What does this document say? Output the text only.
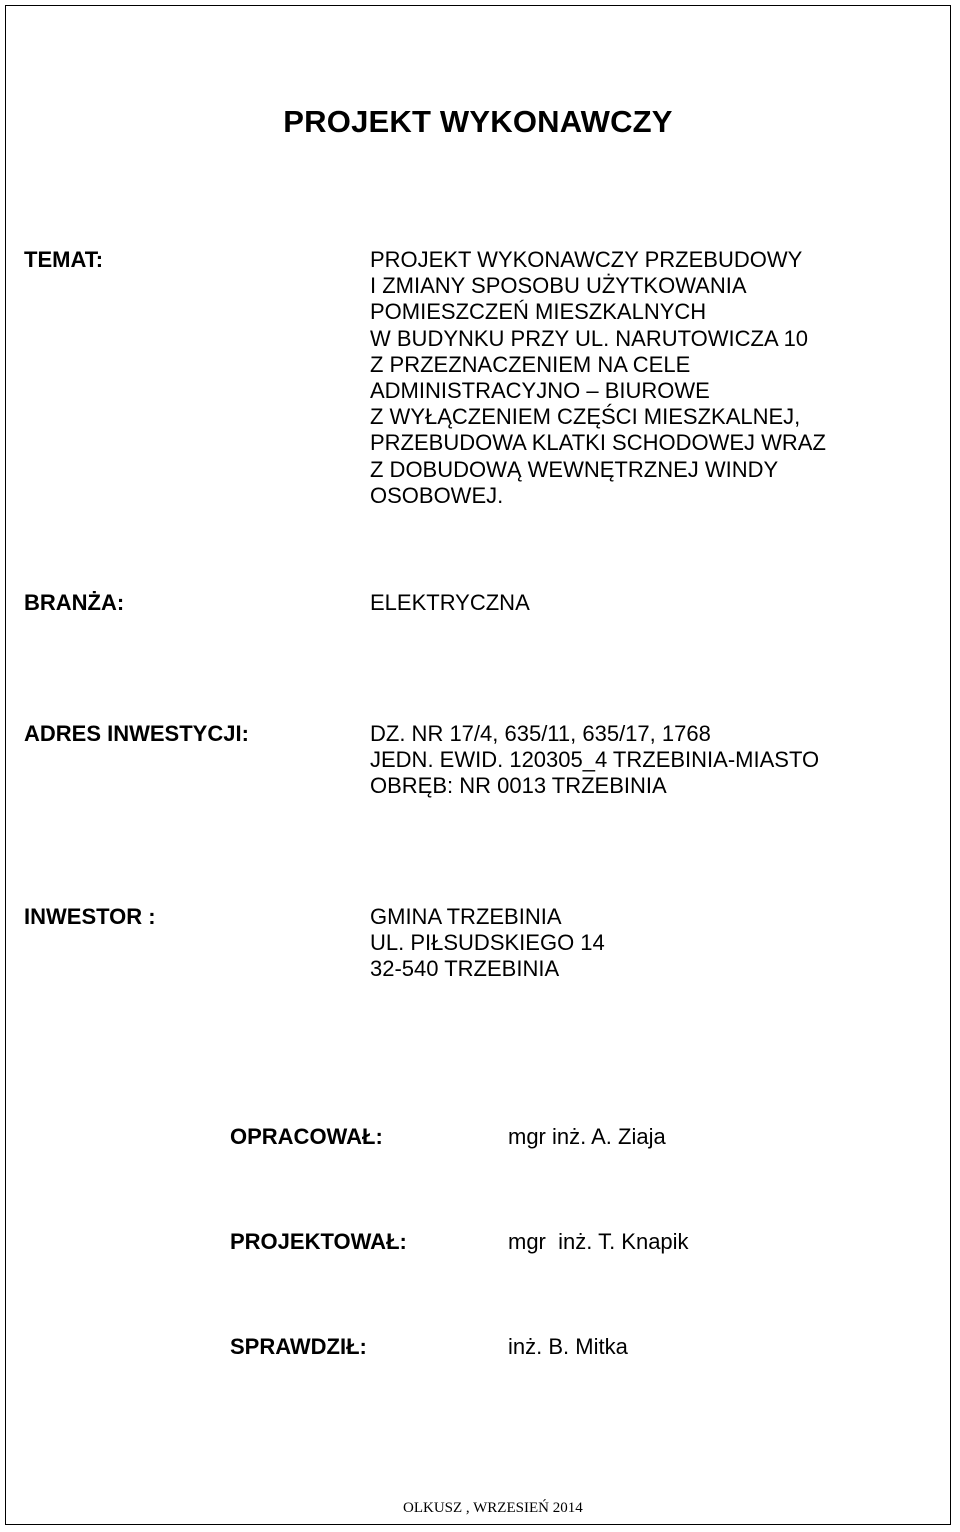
PROJEKT WYKONAWCZY
TEMAT:	PROJEKT WYKONAWCZY PRZEBUDOWY
I ZMIANY SPOSOBU UŻYTKOWANIA
POMIESZCZEŃ MIESZKALNYCH
W BUDYNKU PRZY UL. NARUTOWICZA 10
Z PRZEZNACZENIEM NA CELE
ADMINISTRACYJNO – BIUROWE
Z WYŁĄCZENIEM CZĘŚCI MIESZKALNEJ,
PRZEBUDOWA KLATKI SCHODOWEJ WRAZ
Z DOBUDOWĄ WEWNĘTRZNEJ WINDY
OSOBOWEJ.
BRANŻA:	ELEKTRYCZNA
ADRES INWESTYCJI:	DZ. NR 17/4, 635/11, 635/17, 1768
JEDN. EWID. 120305_4 TRZEBINIA-MIASTO
OBRĘB: NR 0013 TRZEBINIA
INWESTOR :	GMINA TRZEBINIA
UL. PIŁSUDSKIEGO 14
32-540 TRZEBINIA
OPRACOWAŁ:	mgr inż. A. Ziaja
PROJEKTOWAŁ:	mgr  inż. T. Knapik
SPRAWDZIŁ:	inż. B. Mitka
OLKUSZ , WRZESIEŃ 2014
